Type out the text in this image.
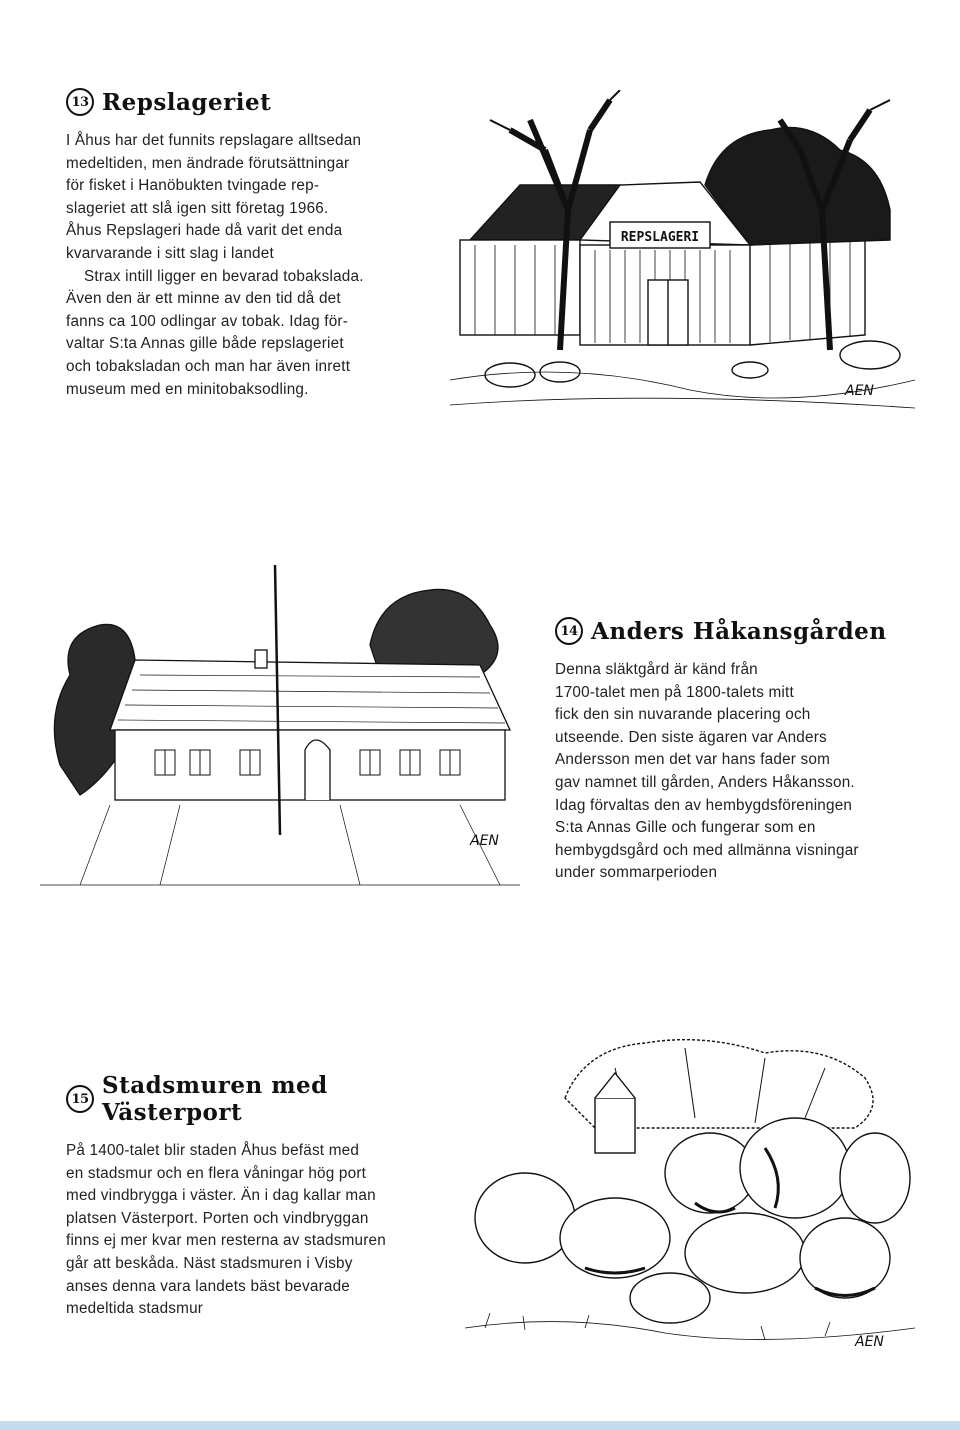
13 Repslageriet

I Åhus har det funnits repslagare alltsedan

medeltiden, men ändrade förutsättningar

för fisket i Hanöbukten tvingade rep-

slageriet att slå igen sitt företag 1966.

Åhus Repslageri hade då varit det enda

kvarvarande i sitt slag i landet

Strax intill ligger en bevarad tobakslada.

Även den är ett minne av den tid då det

fanns ca 100 odlingar av tobak. Idag för-

valtar S:ta Annas gille både repslageriet

och tobaksladan och man har även inrett

museum med en minitobaksodling.

REPSLAGERI
AEN
AEN
14 Anders Håkansgården

Denna släktgård är känd från

1700-talet men på 1800-talets mitt

fick den sin nuvarande placering och

utseende. Den siste ägaren var Anders

Andersson men det var hans fader som

gav namnet till gården, Anders Håkansson.

Idag förvaltas den av hembygdsföreningen

S:ta Annas Gille och fungerar som en

hembygdsgård och med allmänna visningar

under sommarperioden

15 Stadsmuren med Västerport

På 1400-talet blir staden Åhus befäst med

en stadsmur och en flera våningar hög port

med vindbrygga i väster. Än i dag kallar man

platsen Västerport. Porten och vindbryggan

finns ej mer kvar men resterna av stadsmuren

går att beskåda. Näst stadsmuren i Visby

anses denna vara landets bäst bevarade

medeltida stadsmur

AEN
